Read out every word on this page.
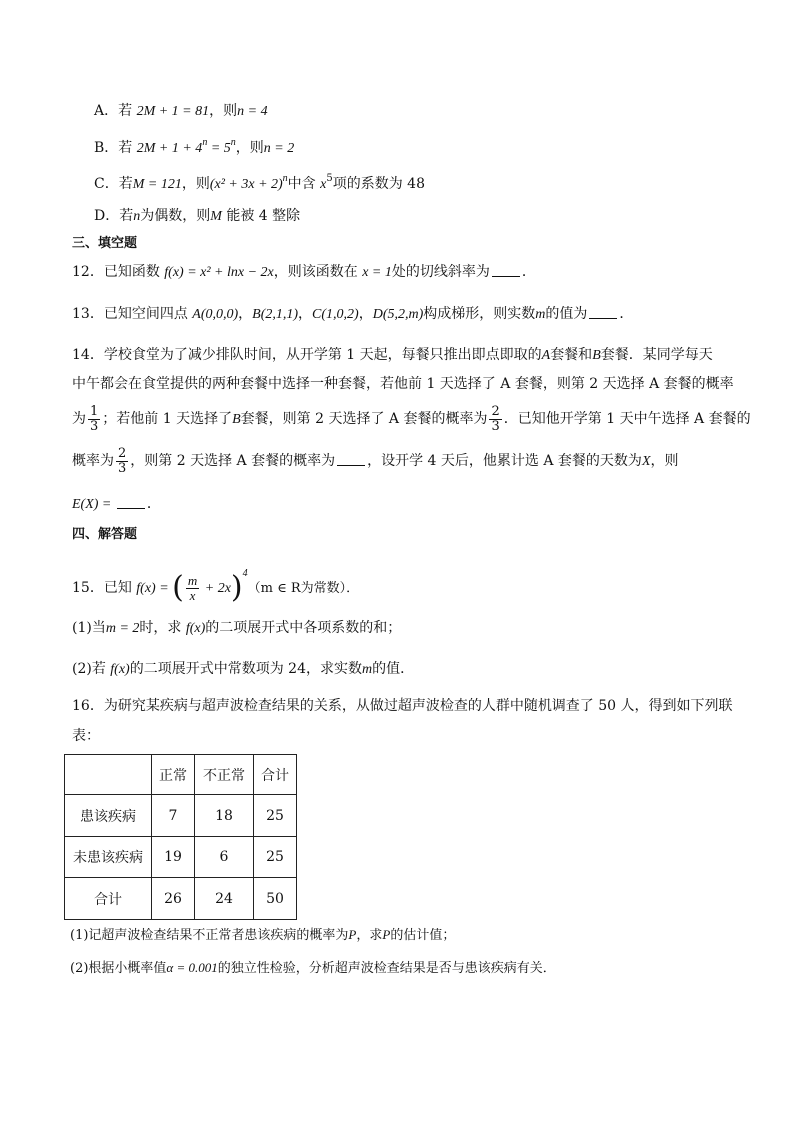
A．若 2M + 1 = 81，则n = 4
B．若 $2M + 1 + 4^n = 5^n$，则n = 2
C．若M = 121，则$(x^2 + 3x + 2)^n$中含 $x^5$项的系数为 48
D．若n为偶数，则M 能被 4 整除
三、填空题
12．已知函数 f(x) = x² + lnx − 2x，则该函数在 x = 1处的切线斜率为 ．
13．已知空间四点 A(0,0,0)，B(2,1,1)，C(1,0,2)，D(5,2,m)构成梯形，则实数m的值为 ．
14．学校食堂为了减少排队时间，从开学第 1 天起，每餐只推出即点即取的A套餐和B套餐．某同学每天
中午都会在食堂提供的两种套餐中选择一种套餐，若他前 1 天选择了 A 套餐，则第 2 天选择 A 套餐的概率
为 $\frac{1}{3}$ ；若他前 1 天选择了B套餐，则第 2 天选择了 A 套餐的概率为 $\frac{2}{3}$ ．已知他开学第 1 天中午选择 A 套餐的
概率为 $\frac{2}{3}$ ，则第 2 天选择 A 套餐的概率为 ，设开学 4 天后，他累计选 A 套餐的天数为X，则
E(X) = ．
四、解答题
15．已知 f(x) = ( $\frac{m}{x} + 2x)^4(m$ ∈ R为常数）．
(1)当m = 2时，求 f(x)的二项展开式中各项系数的和；
(2)若 f(x)的二项展开式中常数项为 24，求实数m的值．
16．为研究某疾病与超声波检查结果的关系，从做过超声波检查的人群中随机调查了 50 人，得到如下列联
表：
	正常	不正常	合计
患该疾病	7	18	25
未患该疾病	19	6	25
合计	26	24	50
(1)记超声波检查结果不正常者患该疾病的概率为P，求P的估计值；
(2)根据小概率值α = 0.001的独立性检验，分析超声波检查结果是否与患该疾病有关．
